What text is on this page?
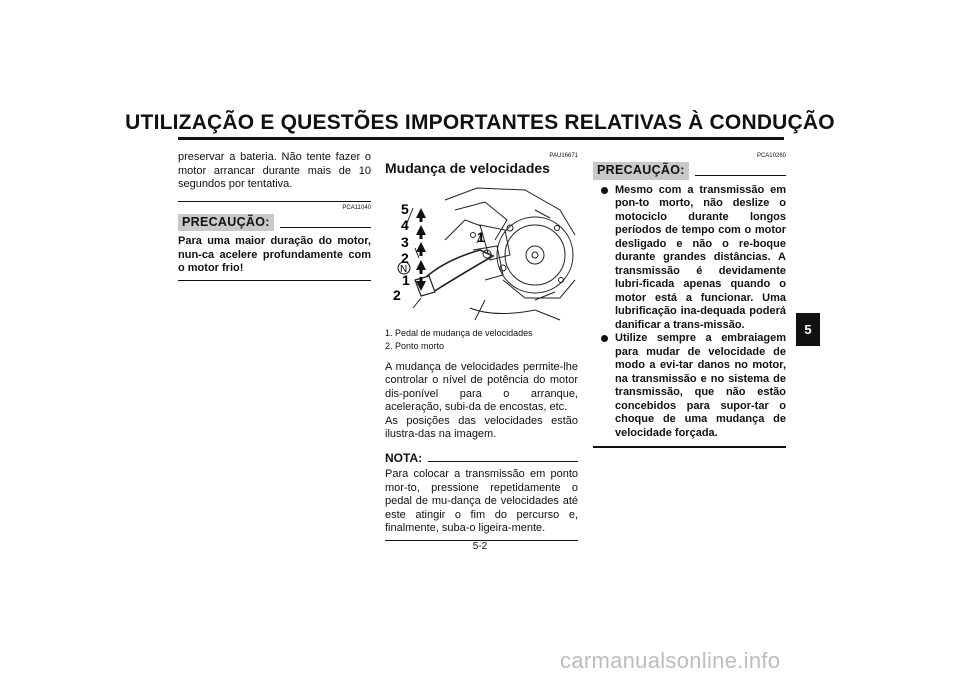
UTILIZAÇÃO E QUESTÕES IMPORTANTES RELATIVAS À CONDUÇÃO
preservar a bateria. Não tente fazer o motor arrancar durante mais de 10 segundos por tentativa.
PCA11040
PRECAUÇÃO:
Para uma maior duração do motor, nun-ca acelere profundamente com o motor frio!
PAU16671
Mudança de velocidades
5
4
3
2
N
1
2
1
1. Pedal de mudança de velocidades
2. Ponto morto
A mudança de velocidades permite-lhe controlar o nível de potência do motor dis-ponível para o arranque, aceleração, subi-da de encostas, etc.
As posições das velocidades estão ilustra-das na imagem.
NOTA:
Para colocar a transmissão em ponto mor-to, pressione repetidamente o pedal de mu-dança de velocidades até este atingir o fim do percurso e, finalmente, suba-o ligeira-mente.
PCA10260
PRECAUÇÃO:
Mesmo com a transmissão em pon-to morto, não deslize o motociclo durante longos períodos de tempo com o motor desligado e não o re-boque durante grandes distâncias. A transmissão é devidamente lubri-ficada apenas quando o motor está a funcionar. Uma lubrificação ina-dequada poderá danificar a trans-missão.
Utilize sempre a embraiagem para mudar de velocidade de modo a evi-tar danos no motor, na transmissão e no sistema de transmissão, que não estão concebidos para supor-tar o choque de uma mudança de velocidade forçada.
5
5-2
carmanualsonline.info
